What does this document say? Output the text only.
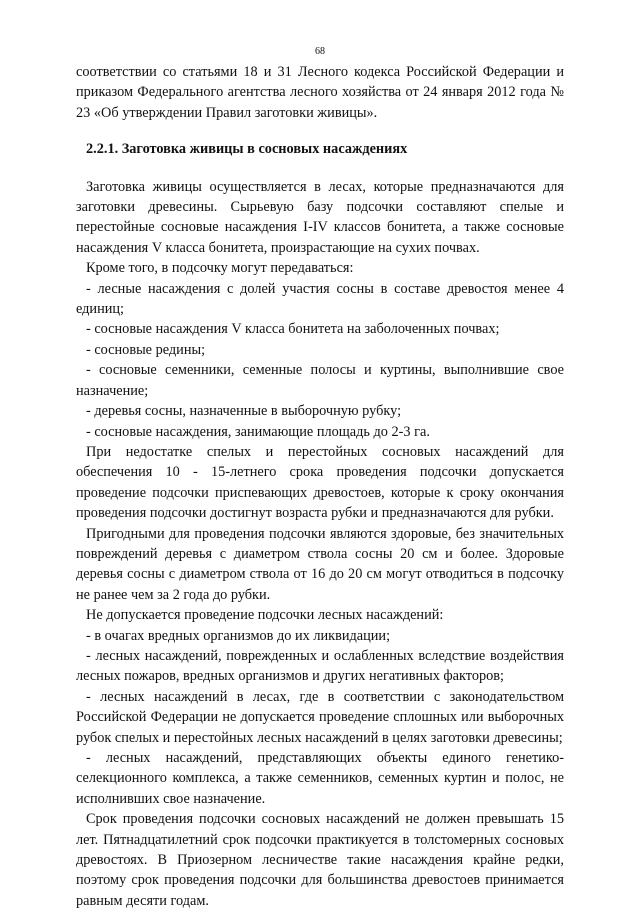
68

соответствии со статьями 18 и 31 Лесного кодекса Российской Федерации и приказом Федерального агентства лесного хозяйства от 24 января 2012 года № 23 «Об утверждении Правил заготовки живицы».

2.2.1. Заготовка живицы в сосновых насаждениях

Заготовка живицы осуществляется в лесах, которые предназначаются для заготовки древесины. Сырьевую базу подсочки составляют спелые и перестойные сосновые насаждения I-IV классов бонитета, а также сосновые насаждения V класса бонитета, произрастающие на сухих почвах.

Кроме того, в подсочку могут передаваться:

- лесные насаждения с долей участия сосны в составе древостоя менее 4 единиц;

- сосновые насаждения V класса бонитета на заболоченных почвах;

- сосновые редины;

- сосновые семенники, семенные полосы и куртины, выполнившие свое назначение;

- деревья сосны, назначенные в выборочную рубку;

- сосновые насаждения, занимающие площадь до 2-3 га.

При недостатке спелых и перестойных сосновых насаждений для обеспечения 10 - 15-летнего срока проведения подсочки допускается проведение подсочки приспевающих древостоев, которые к сроку окончания проведения подсочки достигнут возраста рубки и предназначаются для рубки.

Пригодными для проведения подсочки являются здоровые, без значительных повреждений деревья с диаметром ствола сосны 20 см и более. Здоровые деревья сосны с диаметром ствола от 16 до 20 см могут отводиться в подсочку не ранее чем за 2 года до рубки.

Не допускается проведение подсочки лесных насаждений:

- в очагах вредных организмов до их ликвидации;

- лесных насаждений, поврежденных и ослабленных вследствие воздействия лесных пожаров, вредных организмов и других негативных факторов;

- лесных насаждений в лесах, где в соответствии с законодательством Российской Федерации не допускается проведение сплошных или выборочных рубок спелых и перестойных лесных насаждений в целях заготовки древесины;

- лесных насаждений, представляющих объекты единого генетико-селекционного комплекса, а также семенников, семенных куртин и полос, не исполнивших свое назначение.

Срок проведения подсочки сосновых насаждений не должен превышать 15 лет. Пятнадцатилетний срок подсочки практикуется в толстомерных сосновых древостоях. В Приозерном лесничестве такие насаждения крайне редки, поэтому срок проведения подсочки для большинства древостоев принимается равным десяти годам.
